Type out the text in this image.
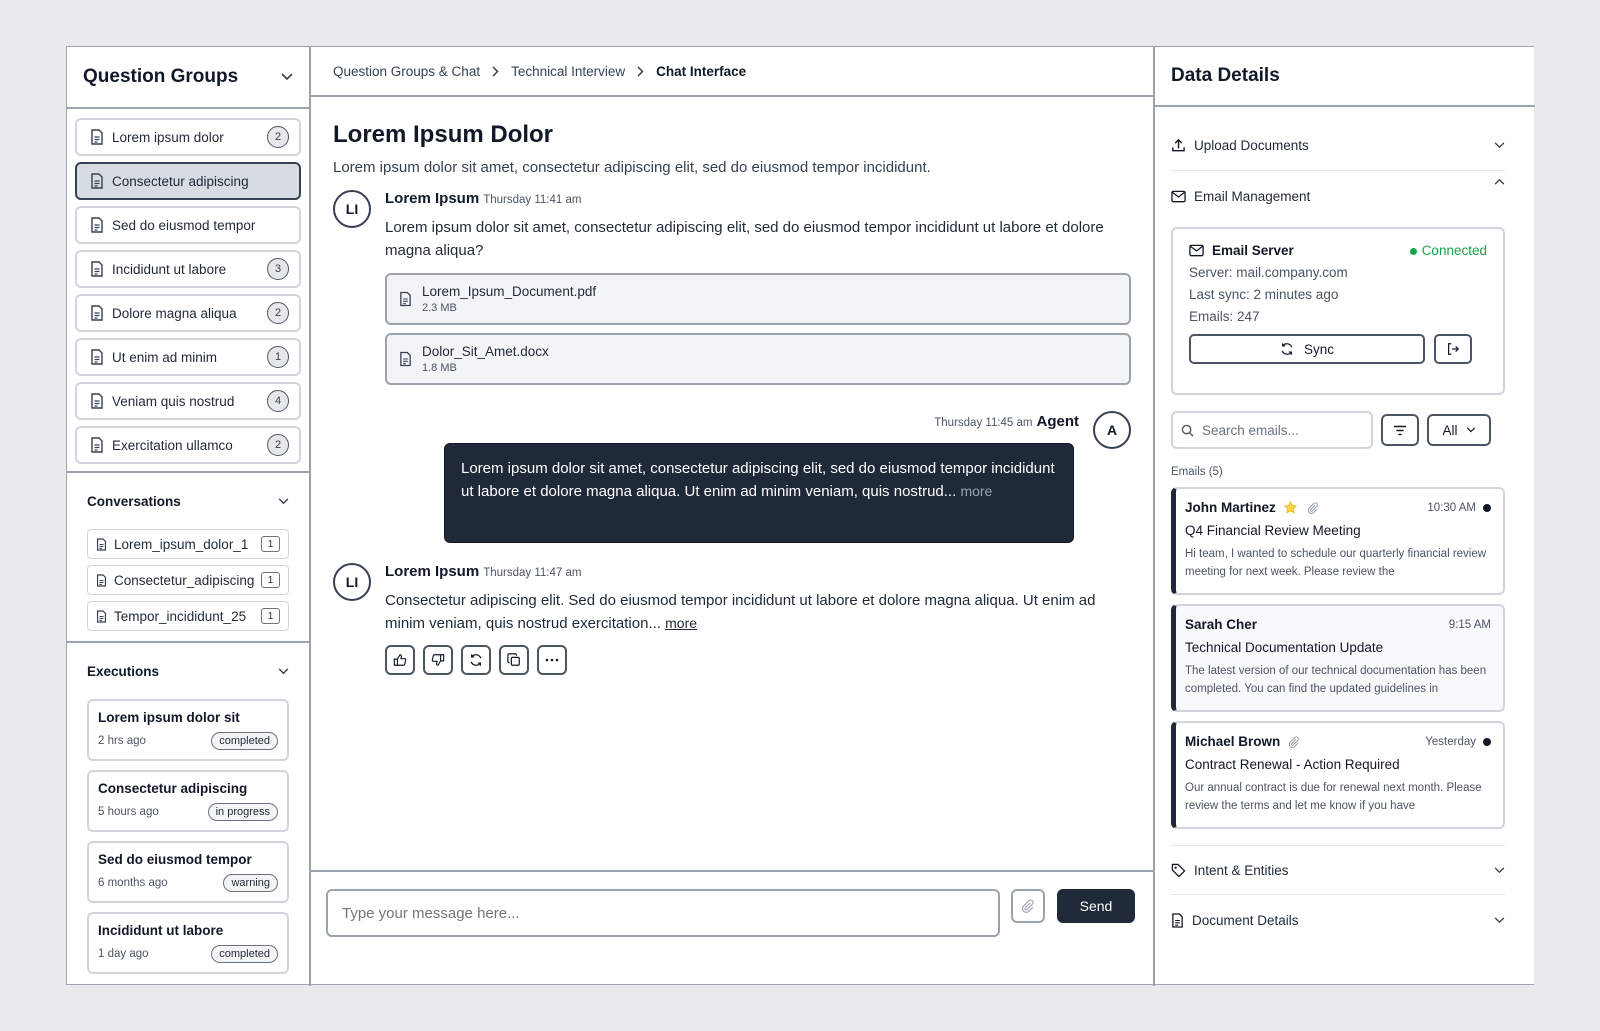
Question Groups
Lorem ipsum dolor	2
Consectetur adipiscing
Sed do eiusmod tempor
Incididunt ut labore	3
Dolore magna aliqua	2
Ut enim ad minim	1
Veniam quis nostrud	4
Exercitation ullamco	2
Conversations
Lorem_ipsum_dolor_1	1
Consectetur_adipiscing	1
Tempor_incididunt_25	1
Executions
Lorem ipsum dolor sit
2 hrs ago	completed
Consectetur adipiscing
5 hours ago	in progress
Sed do eiusmod tempor
6 months ago	warning
Incididunt ut labore
1 day ago	completed
Question Groups & Chat Technical Interview Chat Interface
Lorem Ipsum Dolor
Lorem ipsum dolor sit amet, consectetur adipiscing elit, sed do eiusmod tempor incididunt.
LI
Lorem Ipsum Thursday 11:41 am
Lorem ipsum dolor sit amet, consectetur adipiscing elit, sed do eiusmod tempor incididunt ut labore et dolore magna aliqua?
Lorem_Ipsum_Document.pdf
2.3 MB
Dolor_Sit_Amet.docx
1.8 MB
Thursday 11:45 am Agent	A
Lorem ipsum dolor sit amet, consectetur adipiscing elit, sed do eiusmod tempor incididunt ut labore et dolore magna aliqua. Ut enim ad minim veniam, quis nostrud... more
LI
Lorem Ipsum Thursday 11:47 am
Consectetur adipiscing elit. Sed do eiusmod tempor incididunt ut labore et dolore magna aliqua. Ut enim ad minim veniam, quis nostrud exercitation... more
Type your message here...
Send
Data Details
Upload Documents
Email Management
Email Server	Connected
Server: mail.company.com
Last sync: 2 minutes ago
Emails: 247
Sync
Search emails...	All
Emails (5)
John Martinez	10:30 AM
Q4 Financial Review Meeting
Hi team, I wanted to schedule our quarterly financial review meeting for next week. Please review the
Sarah Cher	9:15 AM
Technical Documentation Update
The latest version of our technical documentation has been completed. You can find the updated guidelines in
Michael Brown	Yesterday
Contract Renewal - Action Required
Our annual contract is due for renewal next month. Please review the terms and let me know if you have
Intent & Entities
Document Details
